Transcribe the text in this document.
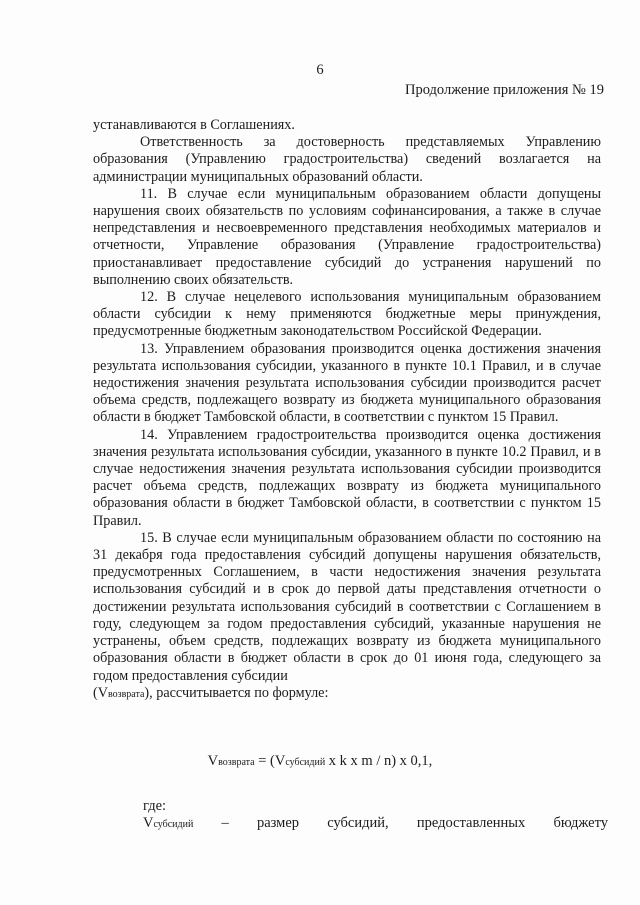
6
Продолжение приложения № 19

устанавливаются в Соглашениях.

Ответственность за достоверность представляемых Управлению образования (Управлению градостроительства) сведений возлагается на администрации муниципальных образований области.

11. В случае если муниципальным образованием области допущены нарушения своих обязательств по условиям софинансирования, а также в случае непредставления и несвоевременного представления необходимых материалов и отчетности, Управление образования (Управление градостроительства) приостанавливает предоставление субсидий до устранения нарушений по выполнению своих обязательств.

12. В случае нецелевого использования муниципальным образованием области субсидии к нему применяются бюджетные меры принуждения, предусмотренные бюджетным законодательством Российской Федерации.

13. Управлением образования производится оценка достижения значения результата использования субсидии, указанного в пункте 10.1 Правил, и в случае недостижения значения результата использования субсидии производится расчет объема средств, подлежащего возврату из бюджета муниципального образования области в бюджет Тамбовской области, в соответствии с пунктом 15 Правил.

14. Управлением градостроительства производится оценка достижения значения результата использования субсидии, указанного в пункте 10.2 Правил, и в случае недостижения значения результата использования субсидии производится расчет объема средств, подлежащих возврату из бюджета муниципального образования области в бюджет Тамбовской области, в соответствии с пунктом 15 Правил.

15. В случае если муниципальным образованием области по состоянию на 31 декабря года предоставления субсидий допущены нарушения обязательств, предусмотренных Соглашением, в части недостижения значения результата использования субсидий и в срок до первой даты представления отчетности о достижении результата использования субсидий в соответствии с Соглашением в году, следующем за годом предоставления субсидий, указанные нарушения не устранены, объем средств, подлежащих возврату из бюджета муниципального образования области в бюджет области в срок до 01 июня года, следующего за годом предоставления субсидии

(Vвозврата), рассчитывается по формуле:

Vвозврата = (Vсубсидий x k x m / n) x 0,1,
где:
Vсубсидий – размер субсидий, предоставленных бюджету
